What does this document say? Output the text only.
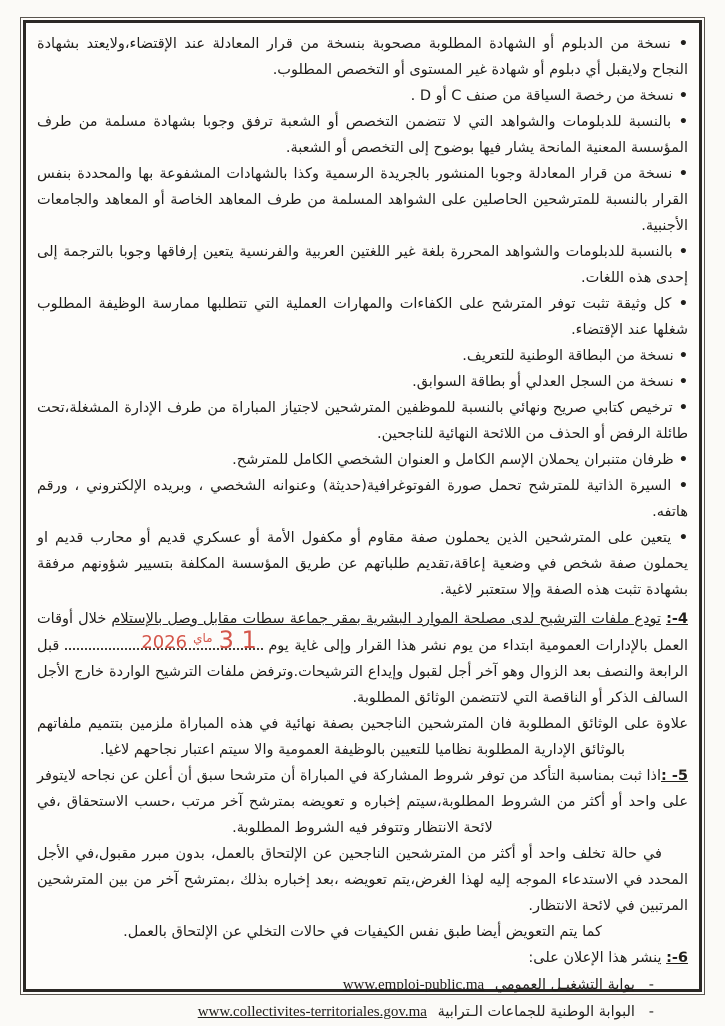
• نسخة من الدبلوم أو الشهادة المطلوبة مصحوبة بنسخة من قرار المعادلة عند الإقتضاء،ولايعتد بشهادة النجاح ولايقبل أي دبلوم أو شهادة غير المستوى أو التخصص المطلوب.

• نسخة من رخصة السياقة من صنف C أو D .

• بالنسبة للدبلومات والشواهد التي لا تتضمن التخصص أو الشعبة ترفق وجوبا بشهادة مسلمة من طرف المؤسسة المعنية المانحة يشار فيها بوضوح إلى التخصص أو الشعبة.

• نسخة من قرار المعادلة وجوبا المنشور بالجريدة الرسمية وكذا بالشهادات المشفوعة بها والمحددة بنفس القرار بالنسبة للمترشحين الحاصلين على الشواهد المسلمة من طرف المعاهد الخاصة أو المعاهد والجامعات الأجنبية.

• بالنسبة للدبلومات والشواهد المحررة بلغة غير اللغتين العربية والفرنسية يتعين إرفاقها وجوبا بالترجمة إلى إحدى هذه اللغات.

• كل وثيقة تثبت توفر المترشح على الكفاءات والمهارات العملية التي تتطلبها ممارسة الوظيفة المطلوب شغلها عند الإقتضاء.

• نسخة من البطاقة الوطنية للتعريف.

• نسخة من السجل العدلي أو بطاقة السوابق.

• ترخيص كتابي صريح ونهائي بالنسبة للموظفين المترشحين لاجتياز المباراة من طرف الإدارة المشغلة،تحت طائلة الرفض أو الحذف من اللائحة النهائية للناجحين.

• ظرفان متنبران يحملان الإسم الكامل و العنوان الشخصي الكامل للمترشح.

• السيرة الذاتية للمترشح تحمل صورة الفوتوغرافية(حديثة) وعنوانه الشخصي ، وبريده الإلكتروني ، ورقم هاتفه.

• يتعين على المترشحين الذين يحملون صفة مقاوم أو مكفول الأمة أو عسكري قديم أو محارب قديم او يحملون صفة شخص في وضعية إعاقة،تقديم طلباتهم عن طريق المؤسسة المكلفة بتسيير شؤونهم مرفقة بشهادة تثبت هذه الصفة وإلا ستعتبر لاغية.

4-: تودع ملفات الترشيح لدى مصلحة الموارد البشرية بمقر جماعة سطات مقابل وصل بالإستلام خلال أوقات العمل بالإدارات العمومية ابتداء من يوم نشر هذا القرار وإلى غاية يوم
1 $3^{ماي}2026$
قبل الرابعة والنصف بعد الزوال وهو آخر أجل لقبول وإيداع الترشيحات.وترفض ملفات الترشيح الواردة خارج الأجل السالف الذكر أو الناقصة التي لاتتضمن الوثائق المطلوبة.

علاوة على الوثائق المطلوبة فان المترشحين الناجحين بصفة نهائية في هذه المباراة ملزمين بتتميم ملفاتهم بالوثائق الإدارية المطلوبة نظاميا للتعيين بالوظيفة العمومية والا سيتم اعتبار نجاحهم لاغيا.

5- :اذا ثبت بمناسبة التأكد من توفر شروط المشاركة في المباراة أن مترشحا سبق أن أعلن عن نجاحه لايتوفر على واحد أو أكثر من الشروط المطلوبة،سيتم إخباره و تعويضه بمترشح آخر مرتب ،حسب الاستحقاق ،في لائحة الانتظار وتتوفر فيه الشروط المطلوبة.

في حالة تخلف واحد أو أكثر من المترشحين الناجحين عن الإلتحاق بالعمل، بدون مبرر مقبول،في الأجل المحدد في الاستدعاء الموجه إليه لهذا الغرض،يتم تعويضه ،بعد إخباره بذلك ،بمترشح آخر من بين المترشحين المرتبين في لائحة الانتظار.

كما يتم التعويض أيضا طبق نفس الكيفيات في حالات التخلي عن الإلتحاق بالعمل.

6-: ينشر هذا الإعلان على:

-  بوابة التشغيـل العمومي www.emploi-public.ma

-  البوابة الوطنية للجماعات الـترابية www.collectivites-territoriales.gov.ma
